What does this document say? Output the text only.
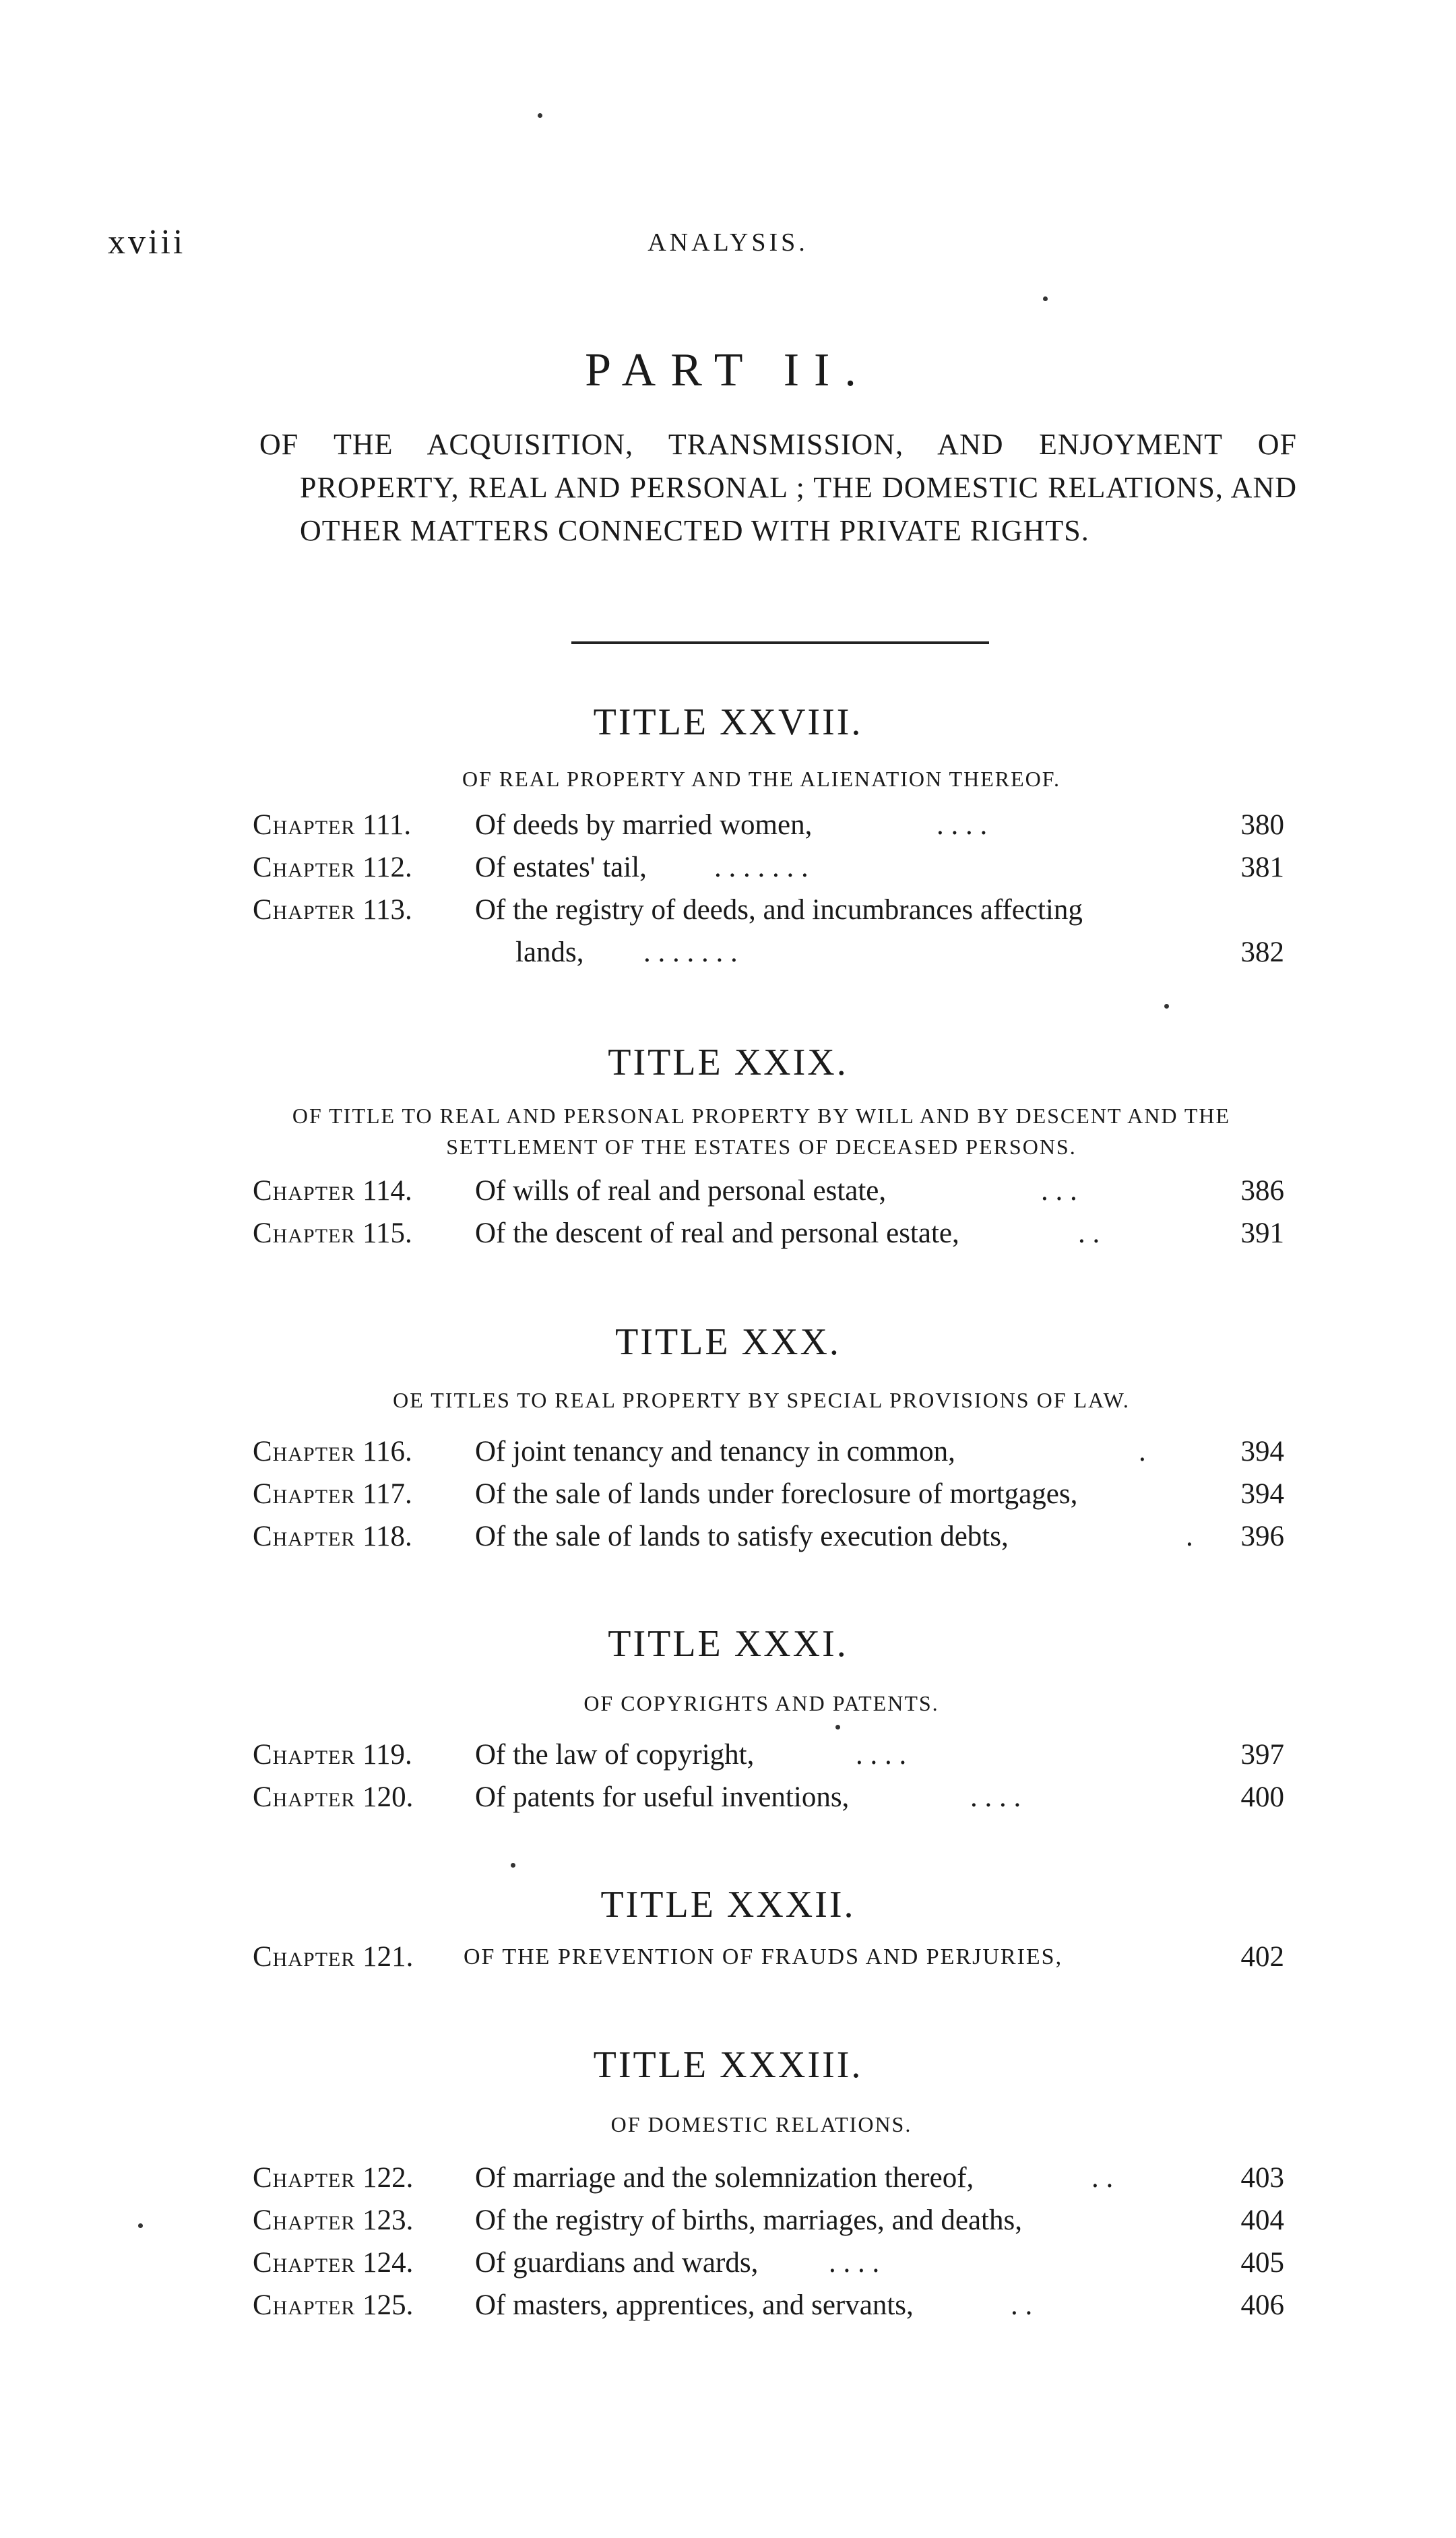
xviii	ANALYSIS.
PART II.
OF THE ACQUISITION, TRANSMISSION, AND ENJOYMENT OF PROPERTY, REAL AND PERSONAL ; THE DOMESTIC RELATIONS, AND OTHER MATTERS CONNECTED WITH PRIVATE RIGHTS.
TITLE XXVIII.
OF REAL PROPERTY AND THE ALIENATION THEREOF.
Chapter 111. Of deeds by married women,	. . . .	380
Chapter 112. Of estates' tail, . . . . . . .	381
Chapter 113. Of the registry of deeds, and incumbrances affecting
lands, . . . . . . .	382
TITLE XXIX.
OF TITLE TO REAL AND PERSONAL PROPERTY BY WILL AND BY DESCENT AND THE SETTLEMENT OF THE ESTATES OF DECEASED PERSONS.
Chapter 114. Of wills of real and personal estate,	. . .	386
Chapter 115. Of the descent of real and personal estate,	. .	391
TITLE XXX.
OE TITLES TO REAL PROPERTY BY SPECIAL PROVISIONS OF LAW.
Chapter 116. Of joint tenancy and tenancy in common,	.	394
Chapter 117. Of the sale of lands under foreclosure of mortgages,	394
Chapter 118. Of the sale of lands to satisfy execution debts,	. 396
TITLE XXXI.
OF COPYRIGHTS AND PATENTS.
Chapter 119. Of the law of copyright,	. . . .	397
Chapter 120. Of patents for useful inventions,	. . . .	400
TITLE XXXII.
Chapter 121. OF THE PREVENTION OF FRAUDS AND PERJURIES,	402
TITLE XXXIII.
OF DOMESTIC RELATIONS.
Chapter 122. Of marriage and the solemnization thereof,	. .	403
Chapter 123. Of the registry of births, marriages, and deaths,	404
Chapter 124. Of guardians and wards, . . . .	405
Chapter 125. Of masters, apprentices, and servants,	. .	406
